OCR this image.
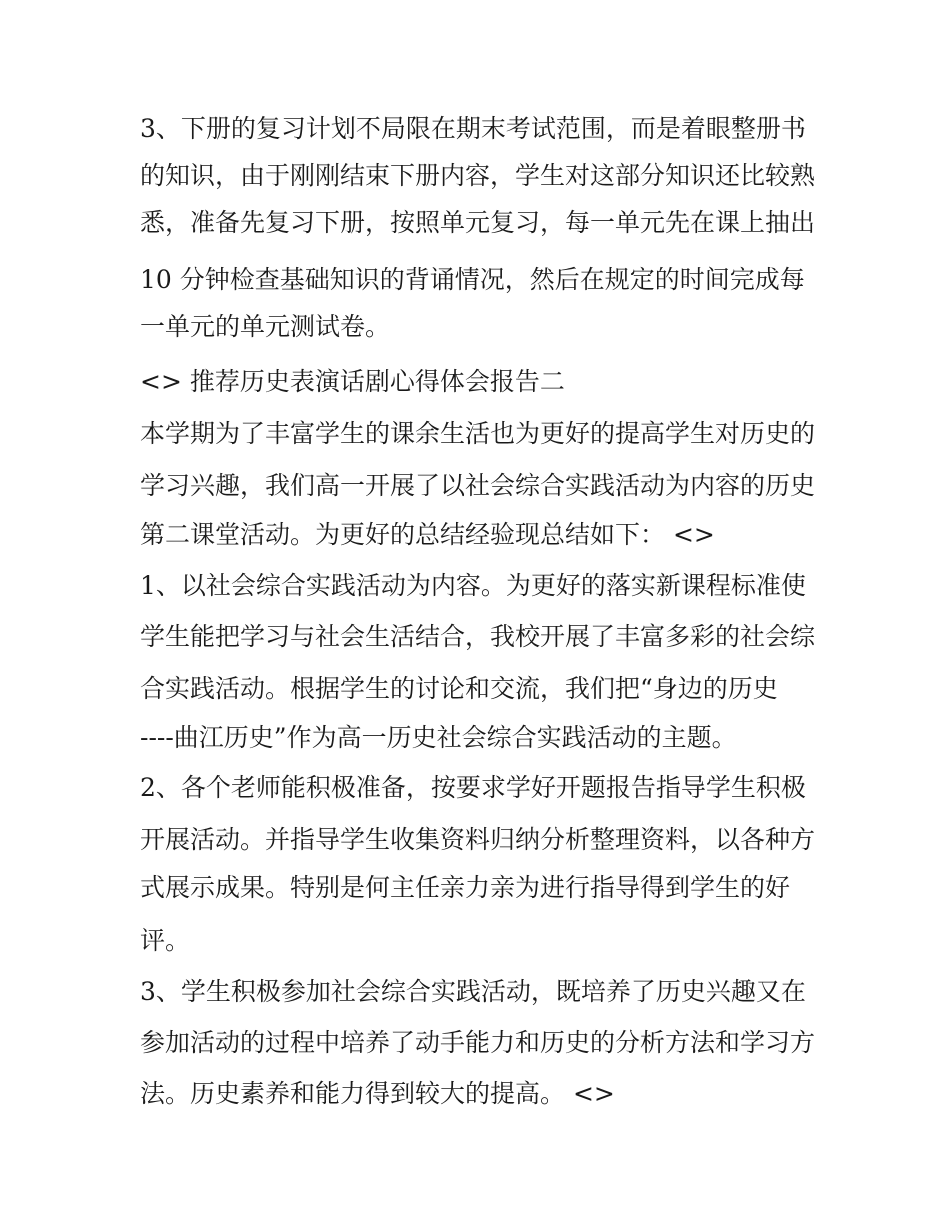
3、下册的复习计划不局限在期末考试范围，而是着眼整册书
的知识，由于刚刚结束下册内容，学生对这部分知识还比较熟
悉，准备先复习下册，按照单元复习，每一单元先在课上抽出
10 分钟检查基础知识的背诵情况，然后在规定的时间完成每
一单元的单元测试卷。
<> 推荐历史表演话剧心得体会报告二
本学期为了丰富学生的课余生活也为更好的提高学生对历史的
学习兴趣，我们高一开展了以社会综合实践活动为内容的历史
第二课堂活动。为更好的总结经验现总结如下： <>
1、以社会综合实践活动为内容。为更好的落实新课程标准使
学生能把学习与社会生活结合，我校开展了丰富多彩的社会综
合实践活动。根据学生的讨论和交流，我们把“身边的历史
----曲江历史”作为高一历史社会综合实践活动的主题。
2、各个老师能积极准备，按要求学好开题报告指导学生积极
开展活动。并指导学生收集资料归纳分析整理资料，以各种方
式展示成果。特别是何主任亲力亲为进行指导得到学生的好
评。
3、学生积极参加社会综合实践活动，既培养了历史兴趣又在
参加活动的过程中培养了动手能力和历史的分析方法和学习方
法。历史素养和能力得到较大的提高。 <>
